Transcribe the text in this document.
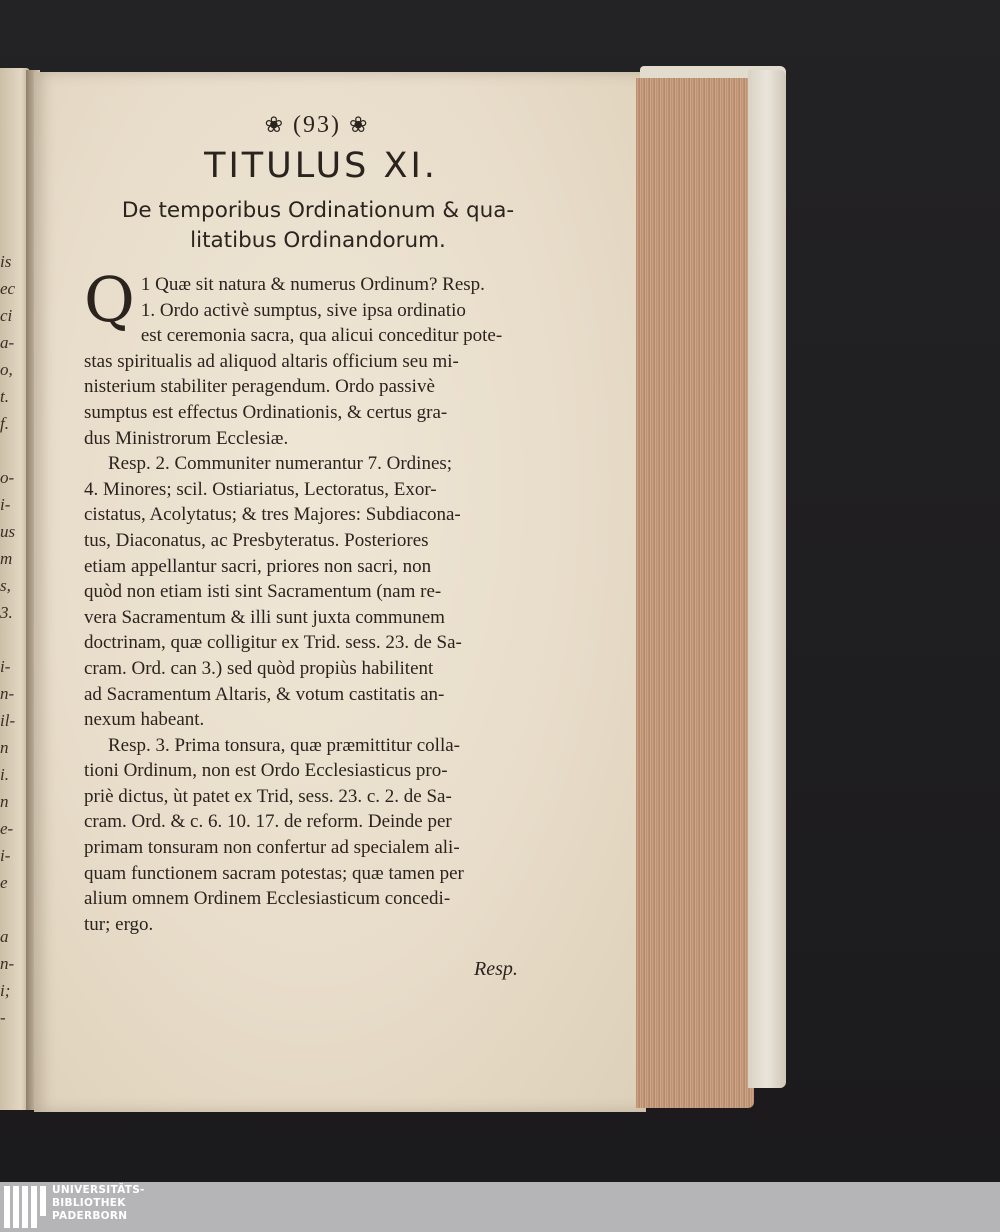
is
ec
ci
a-
o,
t.
f.
o-
i-
us
m
s,
3.
i-
n-
il-
n
i.
n
e-
i-
e
a
n-
i;
-
❀ (93) ❀
TITULUS XI.
De temporibus Ordinationum & qua-
litatibus Ordinandorum.
Q 1 Quæ sit natura & numerus Ordinum? Resp.
1. Ordo activè sumptus, sive ipsa ordinatio
est ceremonia sacra, qua alicui conceditur pote-
stas spiritualis ad aliquod altaris officium seu mi-
nisterium stabiliter peragendum. Ordo passivè
sumptus est effectus Ordinationis, & certus gra-
dus Ministrorum Ecclesiæ.
Resp. 2. Communiter numerantur 7. Ordines;
4. Minores; scil. Ostiariatus, Lectoratus, Exor-
cistatus, Acolytatus; & tres Majores: Subdiacona-
tus, Diaconatus, ac Presbyteratus. Posteriores
etiam appellantur sacri, priores non sacri, non
quòd non etiam isti sint Sacramentum (nam re-
vera Sacramentum & illi sunt juxta communem
doctrinam, quæ colligitur ex Trid. sess. 23. de Sa-
cram. Ord. can 3.) sed quòd propiùs habilitent
ad Sacramentum Altaris, & votum castitatis an-
nexum habeant.
Resp. 3. Prima tonsura, quæ præmittitur colla-
tioni Ordinum, non est Ordo Ecclesiasticus pro-
priè dictus, ùt patet ex Trid, sess. 23. c. 2. de Sa-
cram. Ord. & c. 6. 10. 17. de reform. Deinde per
primam tonsuram non confertur ad specialem ali-
quam functionem sacram potestas; quæ tamen per
alium omnem Ordinem Ecclesiasticum concedi-
tur; ergo.
Resp.
UNIVERSITÄTS-
BIBLIOTHEK
PADERBORN
